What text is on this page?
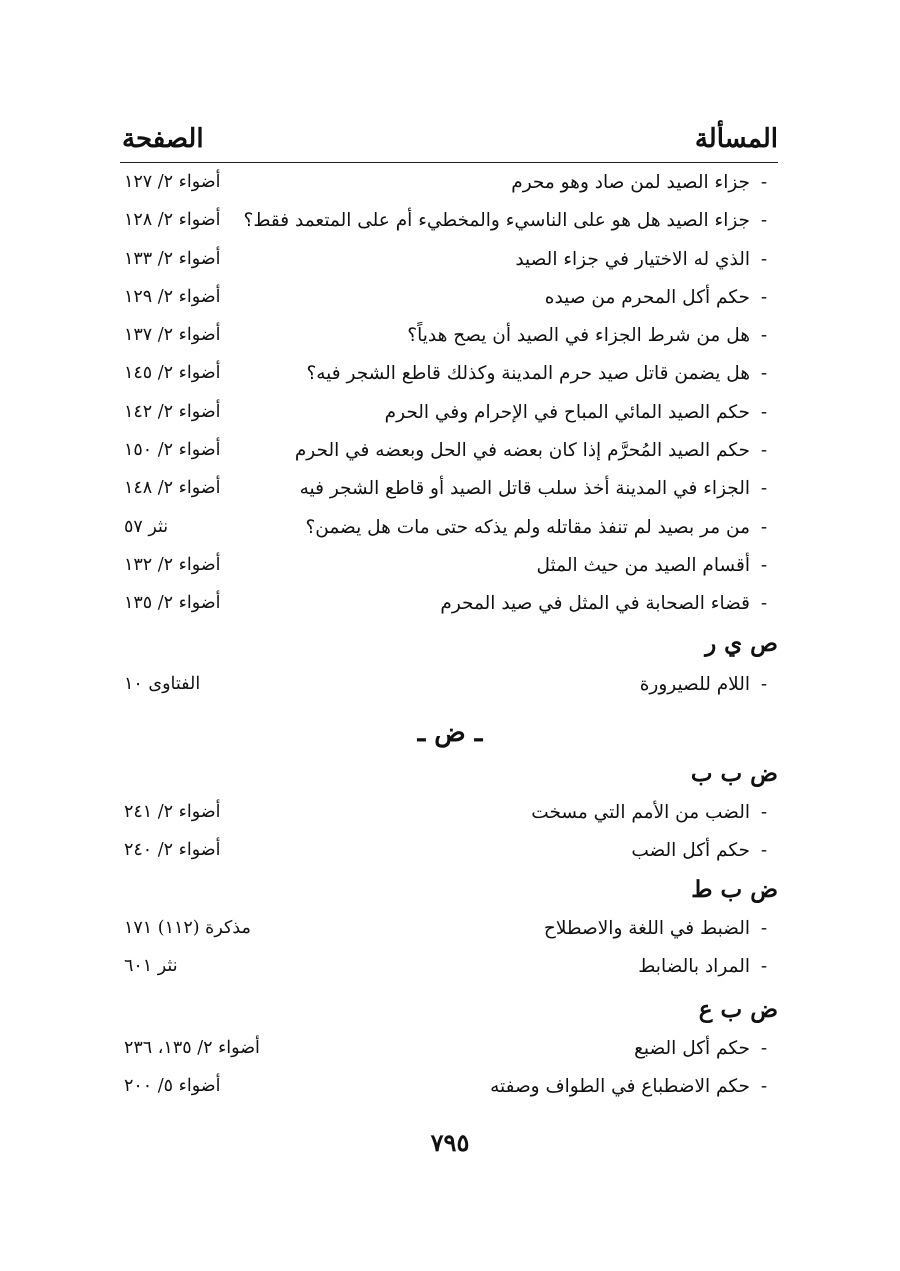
المسألة
الصفحة
-جزاء الصيد لمن صاد وهو محرم
أضواء ٢/ ١٢٧
-جزاء الصيد هل هو على الناسيء والمخطيء أم على المتعمد فقط؟
أضواء ٢/ ١٢٨
-الذي له الاختيار في جزاء الصيد
أضواء ٢/ ١٣٣
-حكم أكل المحرم من صيده
أضواء ٢/ ١٢٩
-هل من شرط الجزاء في الصيد أن يصح هدياً؟
أضواء ٢/ ١٣٧
-هل يضمن قاتل صيد حرم المدينة وكذلك قاطع الشجر فيه؟
أضواء ٢/ ١٤٥
-حكم الصيد المائي المباح في الإحرام وفي الحرم
أضواء ٢/ ١٤٢
-حكم الصيد المُحرَّم إذا كان بعضه في الحل وبعضه في الحرم
أضواء ٢/ ١٥٠
-الجزاء في المدينة أخذ سلب قاتل الصيد أو قاطع الشجر فيه
أضواء ٢/ ١٤٨
-من مر بصيد لم تنفذ مقاتله ولم يذكه حتى مات هل يضمن؟
نثر ٥٧
-أقسام الصيد من حيث المثل
أضواء ٢/ ١٣٢
-قضاء الصحابة في المثل في صيد المحرم
أضواء ٢/ ١٣٥
ص ي ر
-اللام للصيرورة
الفتاوى ١٠
ـ ض ـ
ض ب ب
-الضب من الأمم التي مسخت
أضواء ٢/ ٢٤١
-حكم أكل الضب
أضواء ٢/ ٢٤٠
ض ب ط
-الضبط في اللغة والاصطلاح
مذكرة (١١٢) ١٧١
-المراد بالضابط
نثر ٦٠١
ض ب ع
-حكم أكل الضبع
أضواء ٢/ ١٣٥، ٢٣٦
-حكم الاضطباع في الطواف وصفته
أضواء ٥/ ٢٠٠
٧٩٥
